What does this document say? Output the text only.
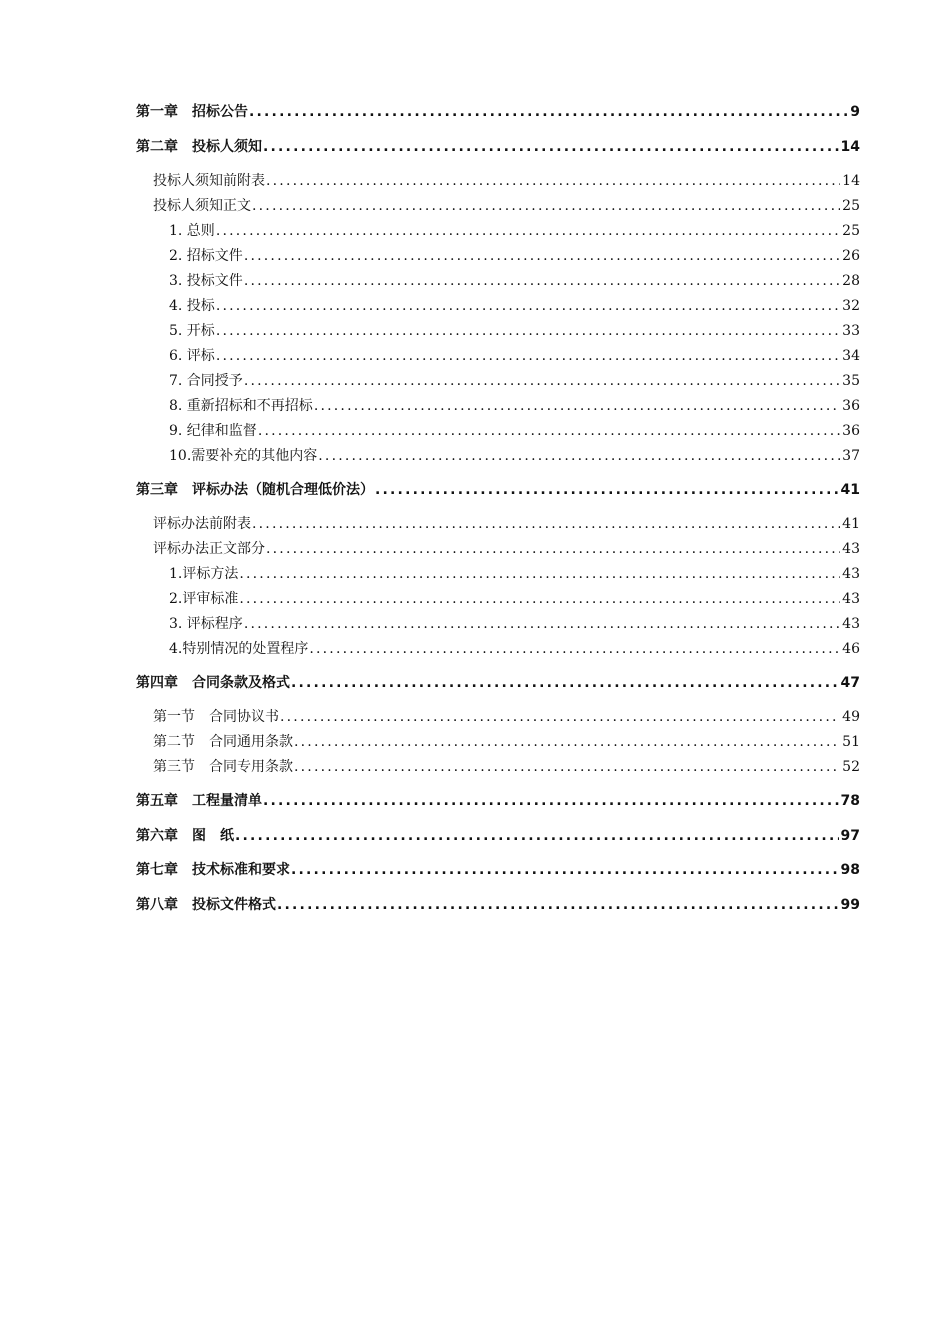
第一章　招标公告 .....	9
第二章　投标人须知 .....	14
投标人须知前附表 .....	14
投标人须知正文 .....	25
1. 总则 .....	25
2. 招标文件 .....	26
3. 投标文件 .....	28
4. 投标 .....	32
5. 开标 .....	33
6. 评标 .....	34
7. 合同授予 .....	35
8. 重新招标和不再招标 .....	36
9. 纪律和监督 .....	36
10.需要补充的其他内容 .....	37
第三章　评标办法（随机合理低价法） .....	41
评标办法前附表 .....	41
评标办法正文部分 .....	43
1.评标方法 .....	43
2.评审标准 .....	43
3. 评标程序 .....	43
4.特别情况的处置程序 .....	46
第四章　合同条款及格式 .....	47
第一节　合同协议书 .....	49
第二节　合同通用条款 .....	51
第三节　合同专用条款 .....	52
第五章　工程量清单 .....	78
第六章　图　纸 .....	97
第七章　技术标准和要求 .....	98
第八章　投标文件格式 .....	99
